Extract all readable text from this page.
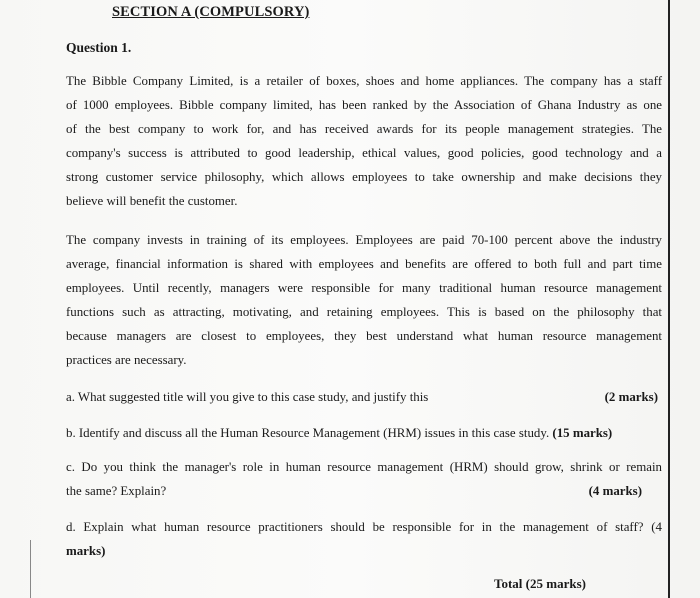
SECTION A (COMPULSORY)
Question 1.
The Bibble Company Limited, is a retailer of boxes, shoes and home appliances. The company has a staff
of 1000 employees. Bibble company limited, has been ranked by the Association of Ghana Industry as one
of the best company to work for, and has received awards for its people management strategies. The
company's success is attributed to good leadership, ethical values, good policies, good technology and a
strong customer service philosophy, which allows employees to take ownership and make decisions they
believe will benefit the customer.
The company invests in training of its employees. Employees are paid 70-100 percent above the industry
average, financial information is shared with employees and benefits are offered to both full and part time
employees. Until recently, managers were responsible for many traditional human resource management
functions such as attracting, motivating, and retaining employees. This is based on the philosophy that
because managers are closest to employees, they best understand what human resource management
practices are necessary.
a. What suggested title will you give to this case study, and justify this	(2 marks)
b. Identify and discuss all the Human Resource Management (HRM) issues in this case study. (15 marks)
c. Do you think the manager's role in human resource management (HRM) should grow, shrink or remain
the same? Explain?	(4 marks)
d. Explain what human resource practitioners should be responsible for in the management of staff? (4
marks)
Total (25 marks)
